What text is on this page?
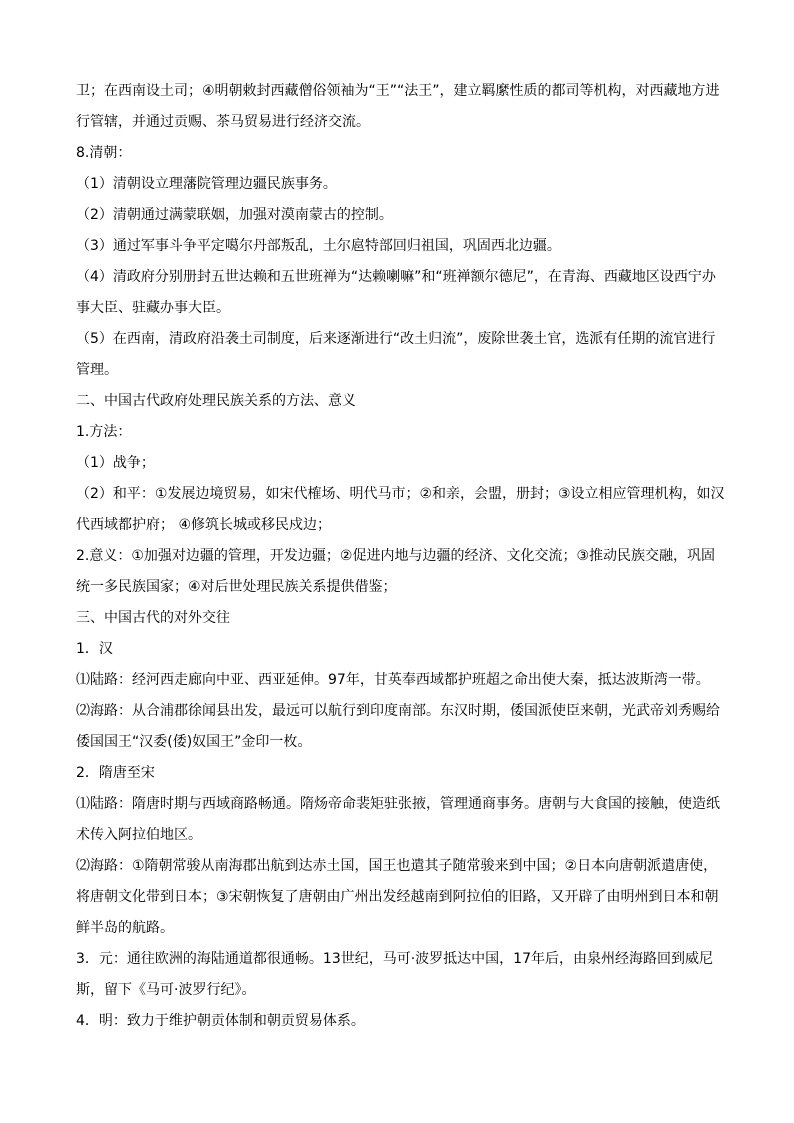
卫；在西南设土司；④明朝敕封西藏僧俗领袖为“王”“法王”，建立羁縻性质的都司等机构，对西藏地方进行管辖，并通过贡赐、茶马贸易进行经济交流。

8.清朝：

（1）清朝设立理藩院管理边疆民族事务。

（2）清朝通过满蒙联姻，加强对漠南蒙古的控制。

（3）通过军事斗争平定噶尔丹部叛乱，土尔扈特部回归祖国，巩固西北边疆。

（4）清政府分别册封五世达赖和五世班禅为“达赖喇嘛”和“班禅额尔德尼”，在青海、西藏地区设西宁办事大臣、驻藏办事大臣。

（5）在西南，清政府沿袭土司制度，后来逐渐进行“改土归流”，废除世袭土官，选派有任期的流官进行管理。

二、中国古代政府处理民族关系的方法、意义

1.方法：

（1）战争；

（2）和平：①发展边境贸易，如宋代榷场、明代马市；②和亲，会盟，册封；③设立相应管理机构，如汉代西域都护府； ④修筑长城或移民戍边；

2.意义：①加强对边疆的管理，开发边疆；②促进内地与边疆的经济、文化交流；③推动民族交融，巩固统一多民族国家；④对后世处理民族关系提供借鉴；

三、中国古代的对外交往

1．汉

⑴陆路：经河西走廊向中亚、西亚延伸。97年，甘英奉西域都护班超之命出使大秦，抵达波斯湾一带。

⑵海路：从合浦郡徐闻县出发，最远可以航行到印度南部。东汉时期，倭国派使臣来朝，光武帝刘秀赐给倭国国王“汉委(倭)奴国王”金印一枚。

2．隋唐至宋

⑴陆路：隋唐时期与西域商路畅通。隋炀帝命裴矩驻张掖，管理通商事务。唐朝与大食国的接触，使造纸术传入阿拉伯地区。

⑵海路：①隋朝常骏从南海郡出航到达赤土国，国王也遣其子随常骏来到中国；②日本向唐朝派遣唐使，将唐朝文化带到日本；③宋朝恢复了唐朝由广州出发经越南到阿拉伯的旧路，又开辟了由明州到日本和朝鲜半岛的航路。

3．元：通往欧洲的海陆通道都很通畅。13世纪，马可·波罗抵达中国，17年后，由泉州经海路回到威尼斯，留下《马可·波罗行纪》。

4．明：致力于维护朝贡体制和朝贡贸易体系。
